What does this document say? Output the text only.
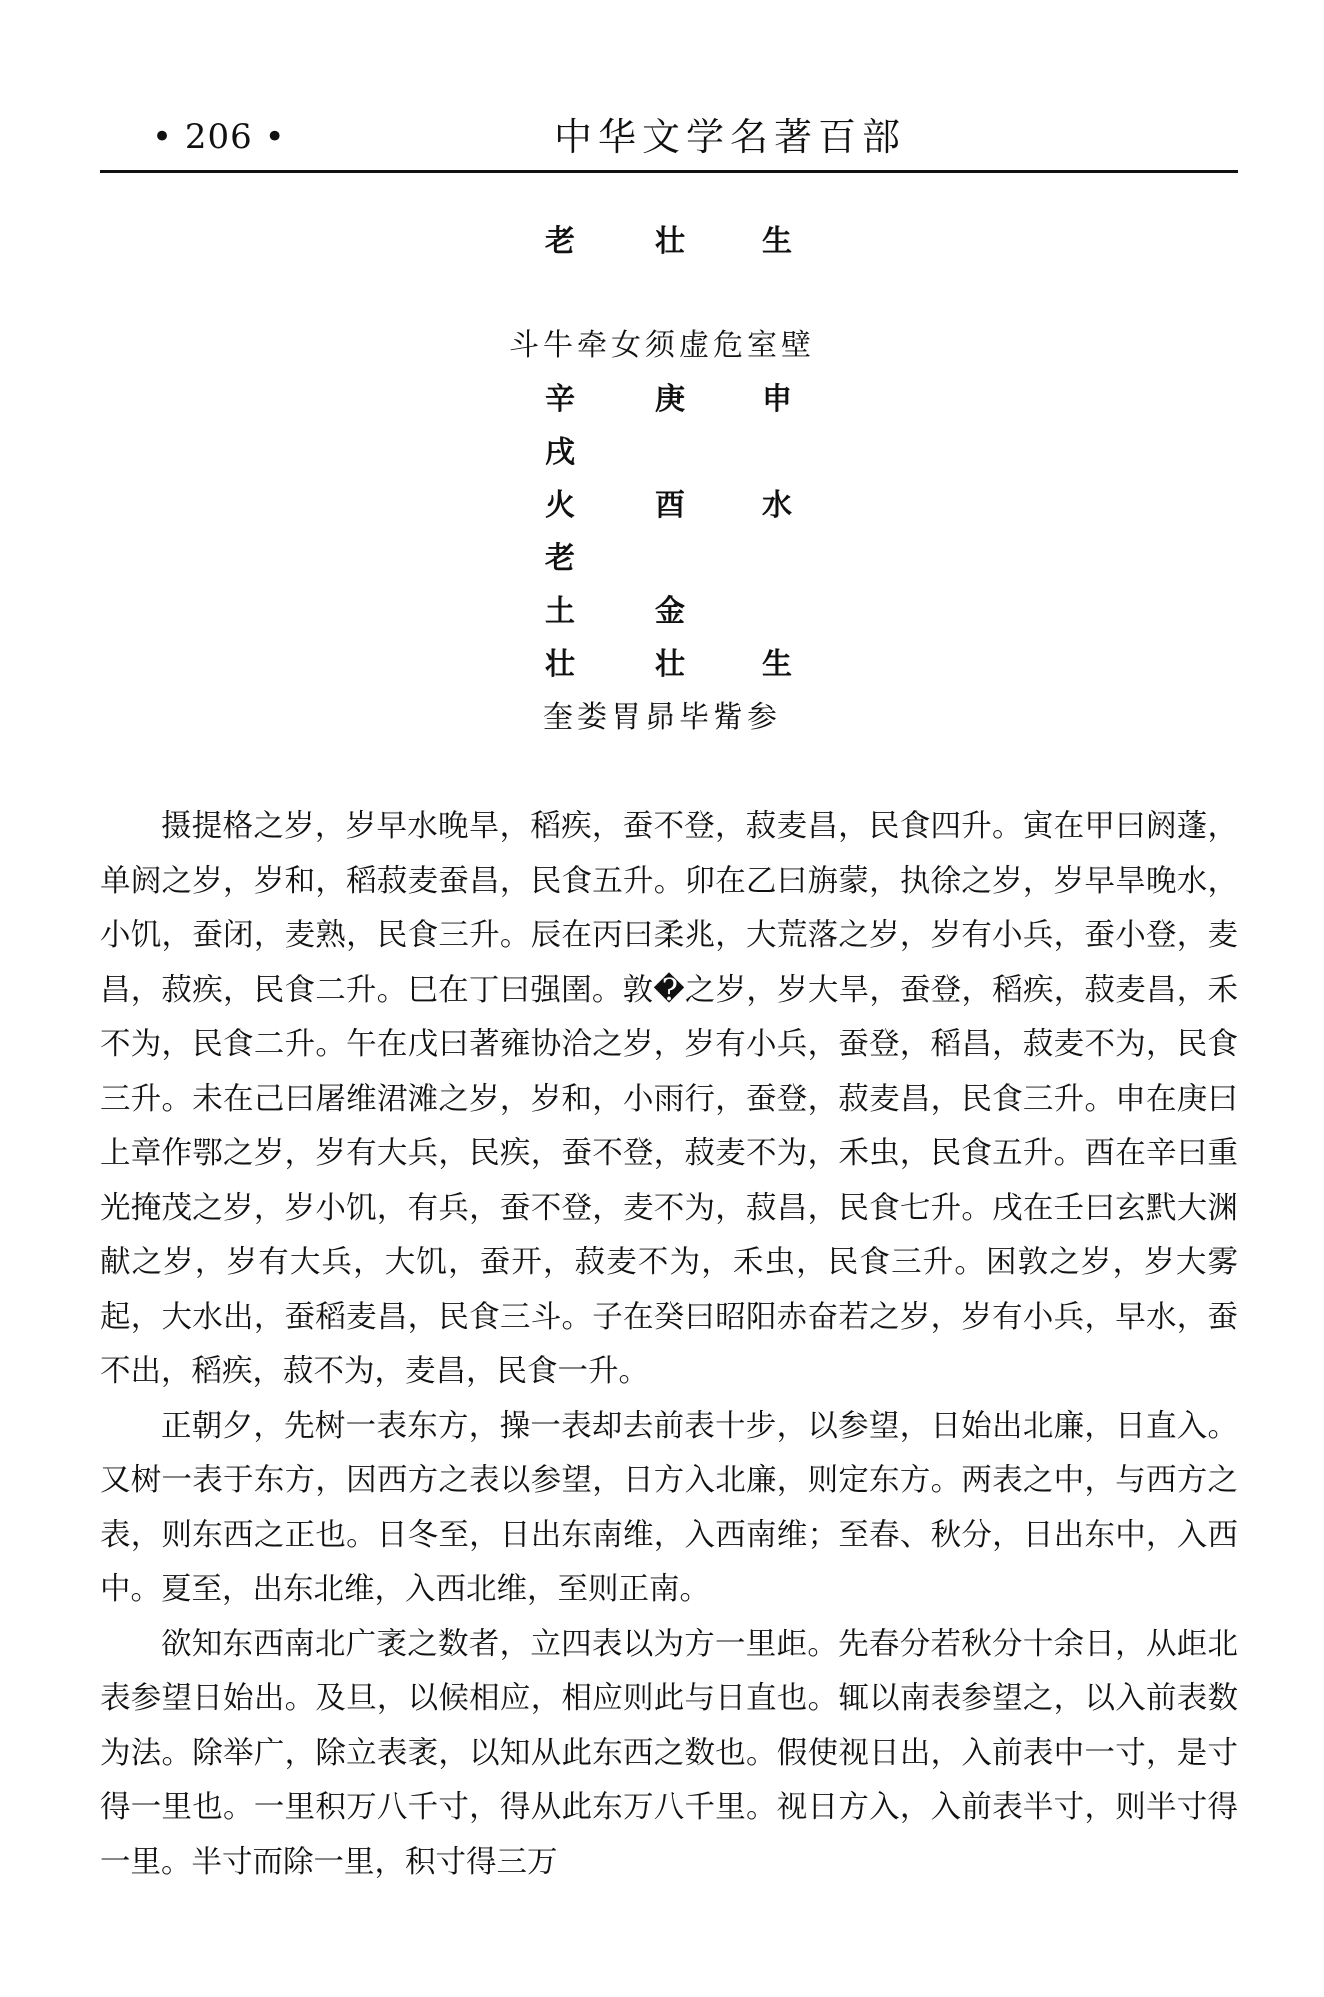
• 206 •	中华文学名著百部
老	壮	生
斗牛牵女须虚危室壁
辛	庚	申
戌
火	酉	水
老
土	金
壮	壮	生
奎娄胃昴毕觜参

摄提格之岁，岁早水晚旱，稻疾，蚕不登，菽麦昌，民食四升。寅在甲曰阏蓬，单阏之岁，岁和，稻菽麦蚕昌，民食五升。卯在乙曰旃蒙，执徐之岁，岁早旱晚水，小饥，蚕闭，麦熟，民食三升。辰在丙曰柔兆，大荒落之岁，岁有小兵，蚕小登，麦昌，菽疾，民食二升。巳在丁曰强圉。敦�之岁，岁大旱，蚕登，稻疾，菽麦昌，禾不为，民食二升。午在戊曰著雍协洽之岁，岁有小兵，蚕登，稻昌，菽麦不为，民食三升。未在己曰屠维涒滩之岁，岁和，小雨行，蚕登，菽麦昌，民食三升。申在庚曰上章作鄂之岁，岁有大兵，民疾，蚕不登，菽麦不为，禾虫，民食五升。酉在辛曰重光掩茂之岁，岁小饥，有兵，蚕不登，麦不为，菽昌，民食七升。戌在壬曰玄黓大渊献之岁，岁有大兵，大饥，蚕开，菽麦不为，禾虫，民食三升。困敦之岁，岁大雾起，大水出，蚕稻麦昌，民食三斗。子在癸曰昭阳赤奋若之岁，岁有小兵，早水，蚕不出，稻疾，菽不为，麦昌，民食一升。

正朝夕，先树一表东方，操一表却去前表十步，以参望，日始出北廉，日直入。又树一表于东方，因西方之表以参望，日方入北廉，则定东方。两表之中，与西方之表，则东西之正也。日冬至，日出东南维，入西南维；至春、秋分，日出东中，入西中。夏至，出东北维，入西北维，至则正南。

欲知东西南北广袤之数者，立四表以为方一里歫。先春分若秋分十余日，从歫北表参望日始出。及旦，以候相应，相应则此与日直也。辄以南表参望之，以入前表数为法。除举广，除立表袤，以知从此东西之数也。假使视日出，入前表中一寸，是寸得一里也。一里积万八千寸，得从此东万八千里。视日方入，入前表半寸，则半寸得一里。半寸而除一里，积寸得三万
